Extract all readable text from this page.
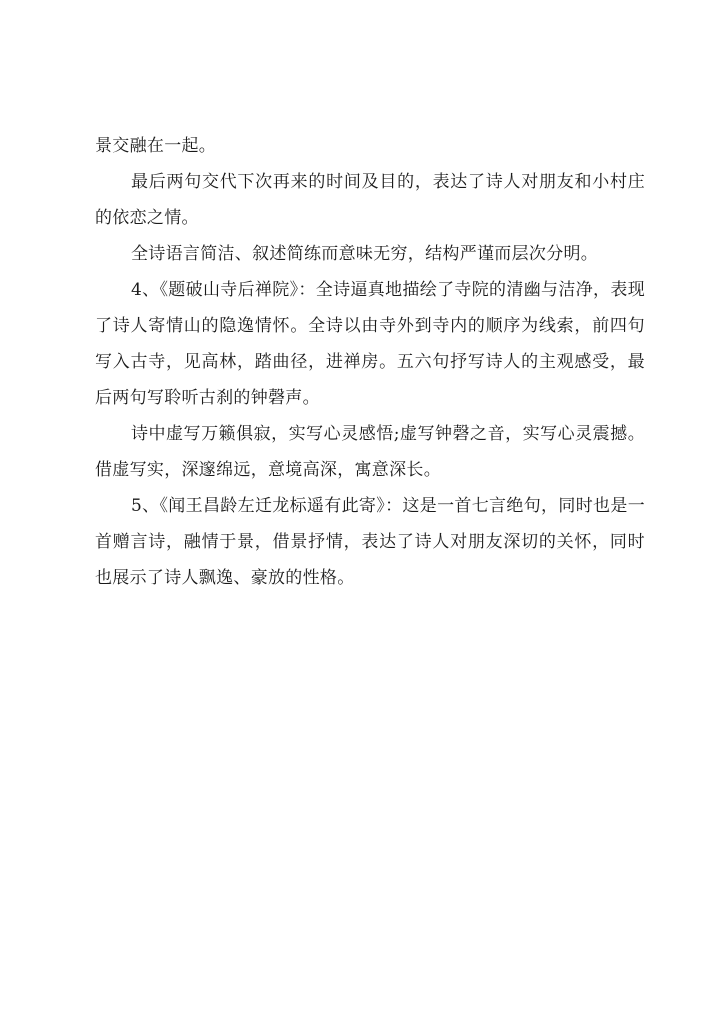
景交融在一起。

最后两句交代下次再来的时间及目的，表达了诗人对朋友和小村庄的依恋之情。

全诗语言简洁、叙述简练而意味无穷，结构严谨而层次分明。

4、《题破山寺后禅院》：全诗逼真地描绘了寺院的清幽与洁净，表现了诗人寄情山的隐逸情怀。全诗以由寺外到寺内的顺序为线索，前四句写入古寺，见高林，踏曲径，进禅房。五六句抒写诗人的主观感受，最后两句写聆听古刹的钟磬声。

诗中虚写万籁俱寂，实写心灵感悟;虚写钟磬之音，实写心灵震撼。借虚写实，深邃绵远，意境高深，寓意深长。

5、《闻王昌龄左迁龙标遥有此寄》：这是一首七言绝句，同时也是一首赠言诗，融情于景，借景抒情，表达了诗人对朋友深切的关怀，同时也展示了诗人飘逸、豪放的性格。
